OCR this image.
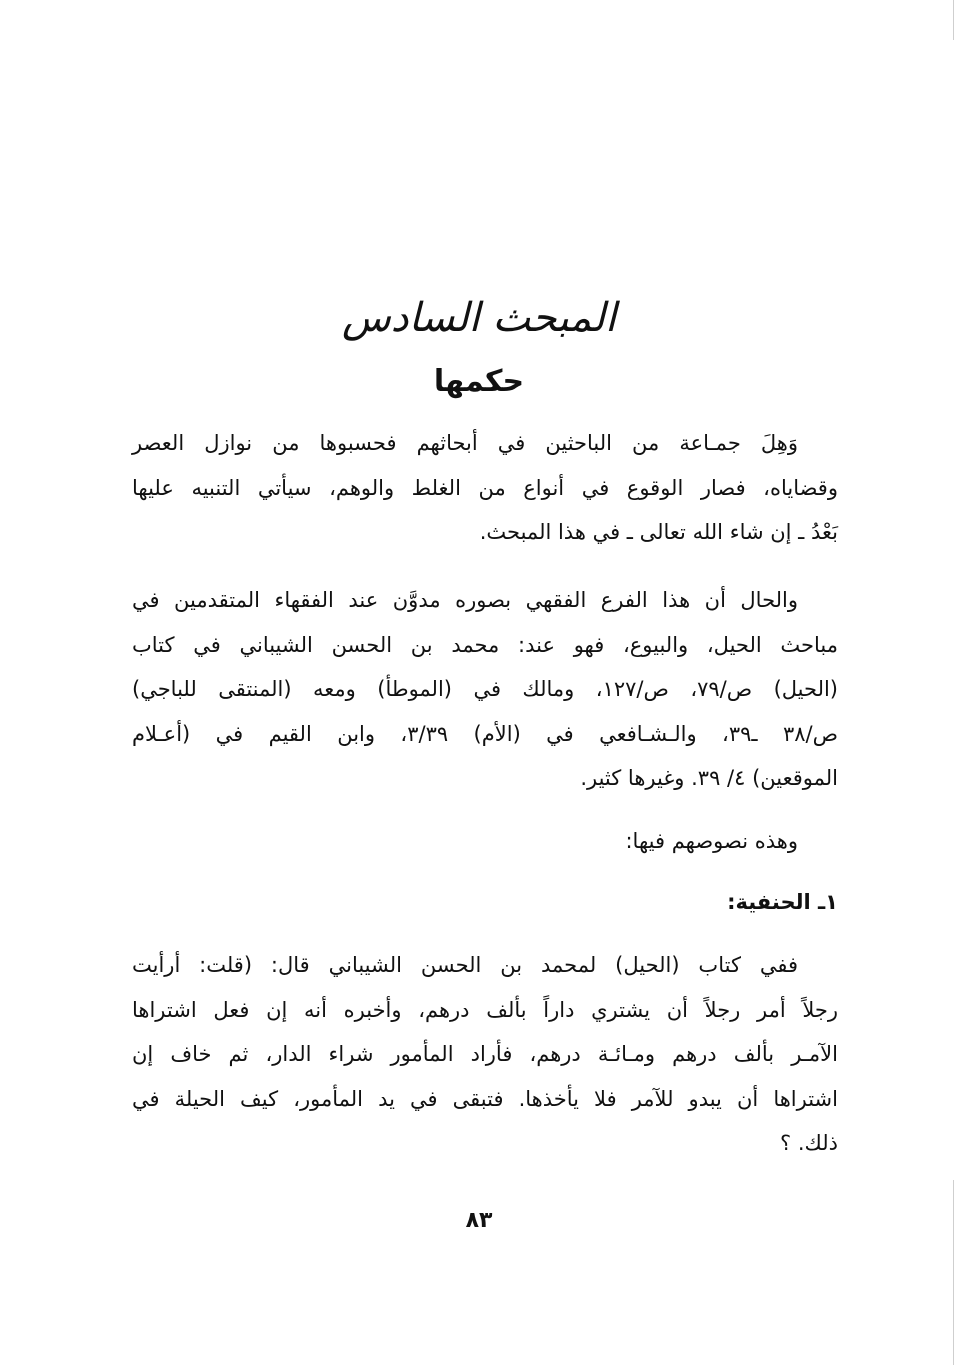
المبحث السادس
حكمها
وَهِلَ جمـاعة من الباحثين في أبحاثهم فحسبوها من نوازل العصر
وقضاياه، فصار الوقوع في أنواع من الغلط والوهم، سيأتي التنبيه عليها
بَعْدُ ـ إن شاء الله تعالى ـ في هذا المبحث.
والحال أن هذا الفرع الفقهي بصوره مدوَّن عند الفقهاء المتقدمين في
مباحث الحيل، والبيوع، فهو عند: محمد بن الحسن الشيباني في كتاب
(الحيل) ص/٧٩، ص/١٢٧، ومالك في (الموطأ) ومعه (المنتقى للباجي)
ص/٣٨ ـ٣٩، والـشـافعي في (الأم) ٣/٣٩، وابن القيم في (أعـلام
الموقعين) ٤/ ٣٩. وغيرها كثير.
وهذه نصوصهم فيها:
١ـ الحنفية:
ففي كتاب (الحيل) لمحمد بن الحسن الشيباني قال: (قلت: أرأيت
رجلاً أمر رجلاً أن يشتري داراً بألف درهم، وأخبره أنه إن فعل اشتراها
الآمـر بألف درهم ومـائـة درهم، فأراد المأمور شراء الدار، ثم خاف إن
اشتراها أن يبدو للآمر فلا يأخذها. فتبقى في يد المأمور، كيف الحيلة في
ذلك. ؟
٨٣
